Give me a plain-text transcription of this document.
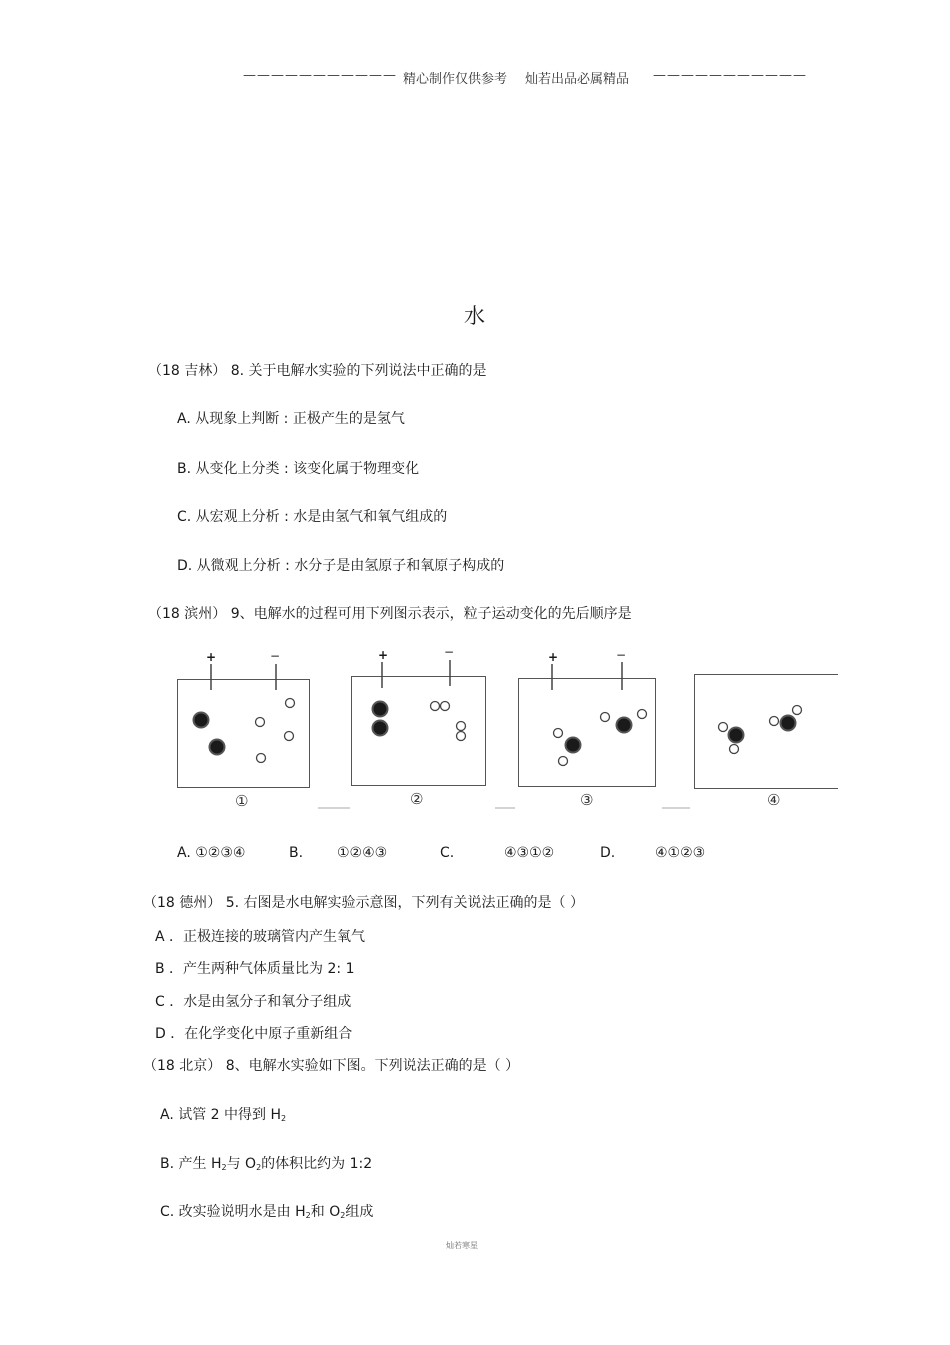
——————————— 精心制作仅供参考 灿若出品必属精品 ———————————
水
（18 吉林） 8. 关于电解水实验的下列说法中正确的是
A. 从现象上判断 : 正极产生的是氢气
B. 从变化上分类 : 该变化属于物理变化
C. 从宏观上分析 : 水是由氢气和氧气组成的
D. 从微观上分析 : 水分子是由氢原子和氧原子构成的
（18 滨州） 9、电解水的过程可用下列图示表示，粒子运动变化的先后顺序是
+	−	+	−	+	−
①	②	③	④
A. ①②③④	B. ①②④③	C.	④③①②	D.	④①②③
（18 德州） 5. 右图是水电解实验示意图，下列有关说法正确的是（ ）
A ．正极连接的玻璃管内产生氧气
B ．产生两种气体质量比为 2: 1
C ．水是由氢分子和氧分子组成
D ．在化学变化中原子重新组合
（18 北京） 8、电解水实验如下图。下列说法正确的是（ ）
A. 试管 2 中得到 $H_2$
B. 产生 $H_2$与 $O_2$的体积比约为 1:2
C. 改实验说明水是由 $H_2$和 $O_2$组成
灿若寒星
